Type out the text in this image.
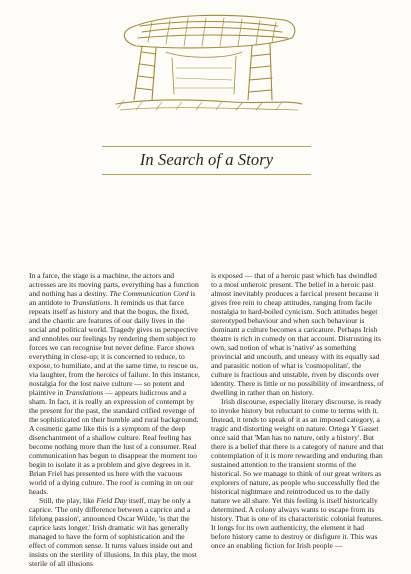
In Search of a Story

In a farce, the stage is a machine, the actors and actresses are its moving parts, everything has a function and nothing has a destiny. The Communication Cord is an antidote to Translations. It reminds us that farce repeats itself as history and that the bogus, the fixed, and the chaotic are features of our daily lives in the social and political world. Tragedy gives us perspective and ennobles our feelings by rendering them subject to forces we can recognise but never define. Farce shows everything in close-up; it is concerned to reduce, to expose, to humiliate, and at the same time, to rescue us, via laughter, from the heroics of failure. In this instance, nostalgia for the lost naive culture — so potent and plaintive in Translations — appears ludicrous and a sham. In fact, it is really an expression of contempt by the present for the past, the standard crified revenge of the sophisticated on their humble and rural background. A cosmetic game like this is a symptom of the deep disenchantment of a shallow culture. Real feeling has become nothing more than the lust of a consumer. Real communication has begun to disappear the moment too begin to isolate it as a problem and give degrees in it. Brian Friel has presented us here with the vacuous world of a dying culture. The roof is coming in on our heads.

Still, the play, like Field Day itself, may be only a caprice. 'The only difference between a caprice and a lifelong passion', announced Oscar Wilde, 'is that the caprice lasts longer.' Irish dramatic wit has generally managed to have the form of sophistication and the effect of common sense. It turns values inside out and insists on the sterility of illusions. In this play, the most sterile of all illusions

is exposed — that of a heroic past which has dwindled to a most unheroic present. The belief in a heroic past almost inevitably produces a farcical present because it gives free rein to cheap attitudes, ranging from facile nostalgia to hard-boiled cynicism. Such attitudes beget stereotyped behaviour and when such behaviour is dominant a culture becomes a caricature. Perhaps Irish theatre is rich in comedy on that account. Distrusting its own, sad notion of what is 'native' as something provincial and uncouth, and uneasy with its equally sad and parasitic notion of what is 'cosmopolitan', the culture is fractious and unstable, riven by discords over identity. There is little or no possibility of inwardness, of dwelling in rather than on history.

Irish discourse, especially literary discourse, is ready to invoke history but reluctant to come to terms with it. Instead, it tends to speak of it as an imposed category, a tragic and distorting weight on nature. Ortega Y Gasset once said that 'Man has no nature, only a history'. But there is a belief that there is a category of nature and that contemplation of it is more rewarding and enduring than sustained attention to the transient storms of the historical. So we manage to think of our great writers as explorers of nature, as people who successfully fled the historical nightmare and reintroduced us to the daily nature we all share. Yet this feeling is itself historically determined. A colony always wants to escape from its history. That is one of its characteristic colonial features. It longs for its own authenticity, the element it had before history came to destroy or disfigure it. This was once an enabling fiction for Irish people —
